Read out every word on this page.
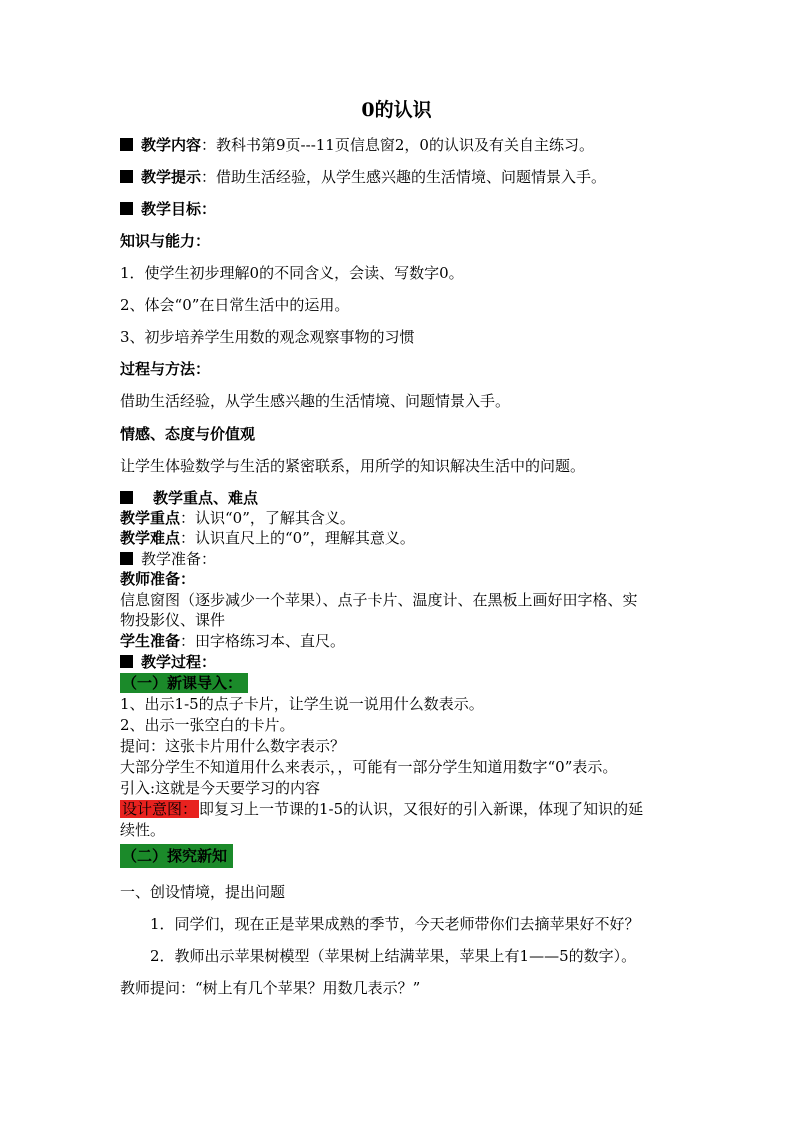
0的认识
教学内容：教科书第9页---11页信息窗2，0的认识及有关自主练习。
教学提示：借助生活经验，从学生感兴趣的生活情境、问题情景入手。
教学目标：
知识与能力：
1．使学生初步理解0的不同含义，会读、写数字0。
2、体会“0”在日常生活中的运用。
3、初步培养学生用数的观念观察事物的习惯
过程与方法：
借助生活经验，从学生感兴趣的生活情境、问题情景入手。
情感、态度与价值观
让学生体验数学与生活的紧密联系，用所学的知识解决生活中的问题。
教学重点、难点
教学重点：认识“0”，了解其含义。
教学难点：认识直尺上的“0”，理解其意义。
教学准备：
教师准备：
信息窗图（逐步减少一个苹果）、点子卡片、温度计、在黑板上画好田字格、实
物投影仪、课件
学生准备：田字格练习本、直尺。
教学过程：
（一）新课导入：
1、出示1-5的点子卡片，让学生说一说用什么数表示。
2、出示一张空白的卡片。
提问：这张卡片用什么数字表示？
大部分学生不知道用什么来表示，，可能有一部分学生知道用数字“0”表示。
引入:这就是今天要学习的内容
设计意图： 即复习上一节课的1-5的认识，又很好的引入新课，体现了知识的延
续性。
（二）探究新知
一、创设情境，提出问题
1．同学们，现在正是苹果成熟的季节，今天老师带你们去摘苹果好不好？
2．教师出示苹果树模型（苹果树上结满苹果，苹果上有1——5的数字）。
教师提问：“树上有几个苹果？用数几表示？”
